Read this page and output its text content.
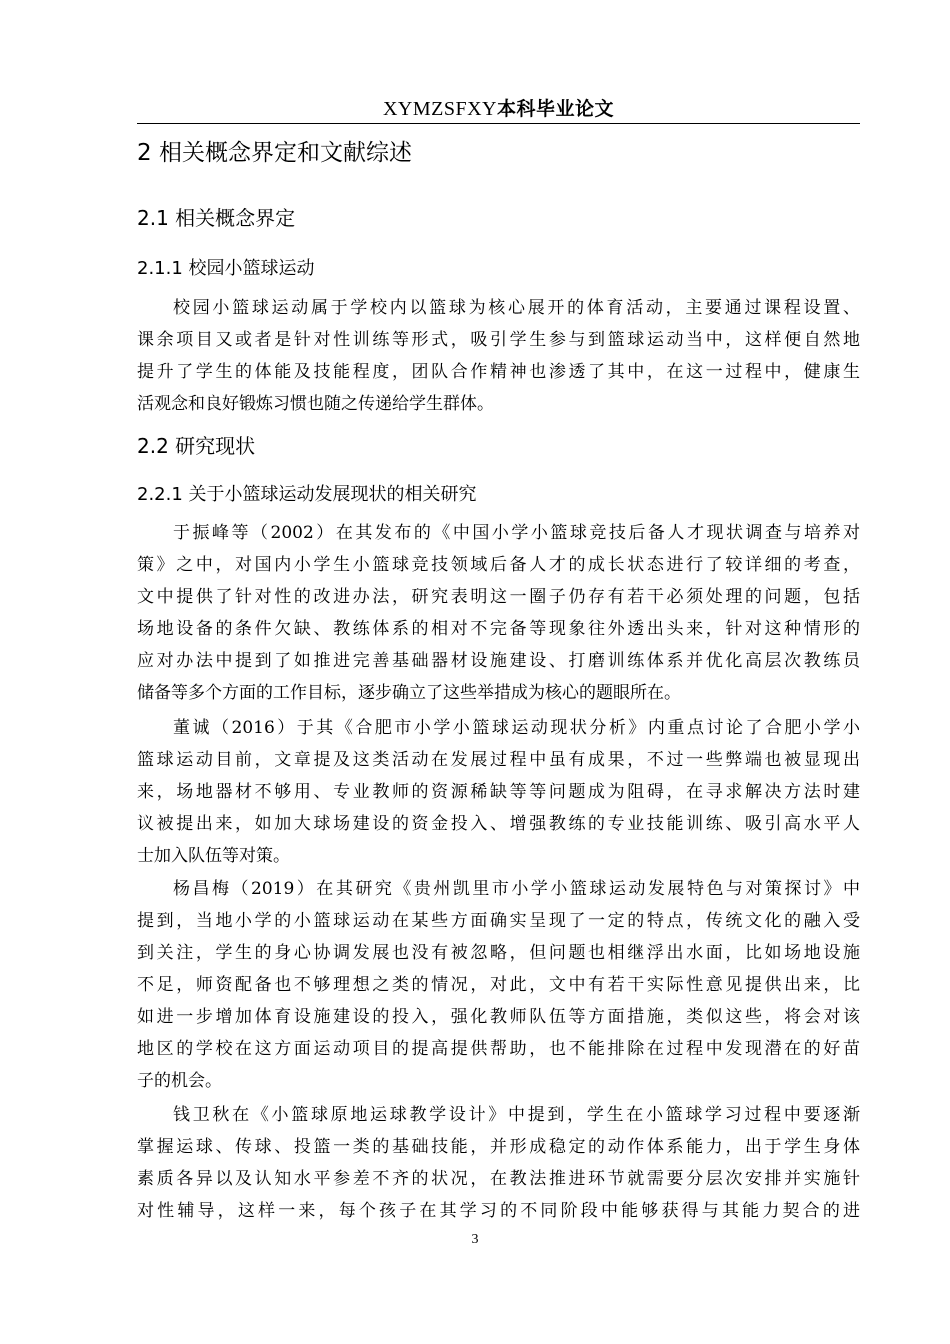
XYMZSFXY本科毕业论文
2 相关概念界定和文献综述
2.1 相关概念界定
2.1.1 校园小篮球运动
校园小篮球运动属于学校内以篮球为核心展开的体育活动，主要通过课程设置、
课余项目又或者是针对性训练等形式，吸引学生参与到篮球运动当中，这样便自然地
提升了学生的体能及技能程度，团队合作精神也渗透了其中，在这一过程中，健康生
活观念和良好锻炼习惯也随之传递给学生群体。
2.2 研究现状
2.2.1 关于小篮球运动发展现状的相关研究
于振峰等（2002）在其发布的《中国小学小篮球竞技后备人才现状调查与培养对
策》之中，对国内小学生小篮球竞技领域后备人才的成长状态进行了较详细的考查，
文中提供了针对性的改进办法，研究表明这一圈子仍存有若干必须处理的问题，包括
场地设备的条件欠缺、教练体系的相对不完备等现象往外透出头来，针对这种情形的
应对办法中提到了如推进完善基础器材设施建设、打磨训练体系并优化高层次教练员
储备等多个方面的工作目标，逐步确立了这些举措成为核心的题眼所在。
董诚（2016）于其《合肥市小学小篮球运动现状分析》内重点讨论了合肥小学小
篮球运动目前，文章提及这类活动在发展过程中虽有成果，不过一些弊端也被显现出
来，场地器材不够用、专业教师的资源稀缺等等问题成为阻碍，在寻求解决方法时建
议被提出来，如加大球场建设的资金投入、增强教练的专业技能训练、吸引高水平人
士加入队伍等对策。
杨昌梅（2019）在其研究《贵州凯里市小学小篮球运动发展特色与对策探讨》中
提到，当地小学的小篮球运动在某些方面确实呈现了一定的特点，传统文化的融入受
到关注，学生的身心协调发展也没有被忽略，但问题也相继浮出水面，比如场地设施
不足，师资配备也不够理想之类的情况，对此，文中有若干实际性意见提供出来，比
如进一步增加体育设施建设的投入，强化教师队伍等方面措施，类似这些，将会对该
地区的学校在这方面运动项目的提高提供帮助，也不能排除在过程中发现潜在的好苗
子的机会。
钱卫秋在《小篮球原地运球教学设计》中提到，学生在小篮球学习过程中要逐渐
掌握运球、传球、投篮一类的基础技能，并形成稳定的动作体系能力，出于学生身体
素质各异以及认知水平参差不齐的状况，在教法推进环节就需要分层次安排并实施针
对性辅导，这样一来，每个孩子在其学习的不同阶段中能够获得与其能力契合的进
3
